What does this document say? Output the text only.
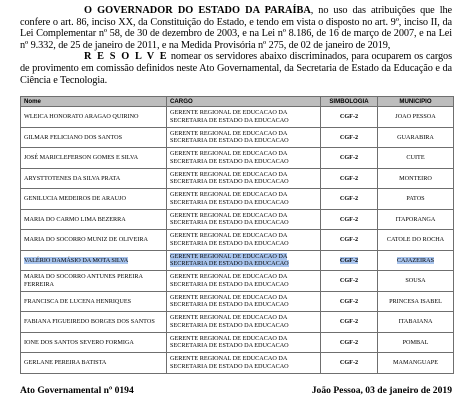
O GOVERNADOR DO ESTADO DA PARAÍBA, no uso das atribuições que lhe confere o art. 86, inciso XX, da Constituição do Estado, e tendo em vista o disposto no art. 9º, inciso II, da Lei Complementar nº 58, de 30 de dezembro de 2003, e na Lei nº 8.186, de 16 de março de 2007, e na Lei nº 9.332, de 25 de janeiro de 2011, e na Medida Provisória nº 275, de 02 de janeiro de 2019,

R E S O L V E nomear os servidores abaixo discriminados, para ocuparem os cargos de provimento em comissão definidos neste Ato Governamental, da Secretaria de Estado da Educação e da Ciência e Tecnologia.

Nome	CARGO	SIMBOLOGIA	MUNICIPIO
WLEICA HONORATO ARAGAO QUIRINO	GERENTE REGIONAL DE EDUCACAO DA SECRETARIA DE ESTADO DA EDUCACAO	CGF-2	JOAO PESSOA
GILMAR FELICIANO DOS SANTOS	GERENTE REGIONAL DE EDUCACAO DA SECRETARIA DE ESTADO DA EDUCACAO	CGF-2	GUARABIRA
JOSÉ MARICLEFERSON GOMES E SILVA	GERENTE REGIONAL DE EDUCACAO DA SECRETARIA DE ESTADO DA EDUCACAO	CGF-2	CUITE
ARYSTTOTENES DA SILVA PRATA	GERENTE REGIONAL DE EDUCACAO DA SECRETARIA DE ESTADO DA EDUCACAO	CGF-2	MONTEIRO
GENILUCIA MEDEIROS DE ARAUJO	GERENTE REGIONAL DE EDUCACAO DA SECRETARIA DE ESTADO DA EDUCACAO	CGF-2	PATOS
MARIA DO CARMO LIMA BEZERRA	GERENTE REGIONAL DE EDUCACAO DA SECRETARIA DE ESTADO DA EDUCACAO	CGF-2	ITAPORANGA
MARIA DO SOCORRO MUNIZ DE OLIVEIRA	GERENTE REGIONAL DE EDUCACAO DA SECRETARIA DE ESTADO DA EDUCACAO	CGF-2	CATOLE DO ROCHA
VALÉRIO DAMÁSIO DA MOTA SILVA	GERENTE REGIONAL DE EDUCACAO DA SECRETARIA DE ESTADO DA EDUCACAO	CGF-2	CAJAZEIRAS
MARIA DO SOCORRO ANTUNES PEREIRA FERREIRA	GERENTE REGIONAL DE EDUCACAO DA SECRETARIA DE ESTADO DA EDUCACAO	CGF-2	SOUSA
FRANCISCA DE LUCENA HENRIQUES	GERENTE REGIONAL DE EDUCACAO DA SECRETARIA DE ESTADO DA EDUCACAO	CGF-2	PRINCESA ISABEL
FABIANA FIGUEIREDO BORGES DOS SANTOS	GERENTE REGIONAL DE EDUCACAO DA SECRETARIA DE ESTADO DA EDUCACAO	CGF-2	ITABAIANA
IONE DOS SANTOS SEVERO FORMIGA	GERENTE REGIONAL DE EDUCACAO DA SECRETARIA DE ESTADO DA EDUCACAO	CGF-2	POMBAL
GERLANE PEREIRA BATISTA	GERENTE REGIONAL DE EDUCACAO DA SECRETARIA DE ESTADO DA EDUCACAO	CGF-2	MAMANGUAPE
Ato Governamental nº 0194	João Pessoa, 03 de janeiro de 2019
